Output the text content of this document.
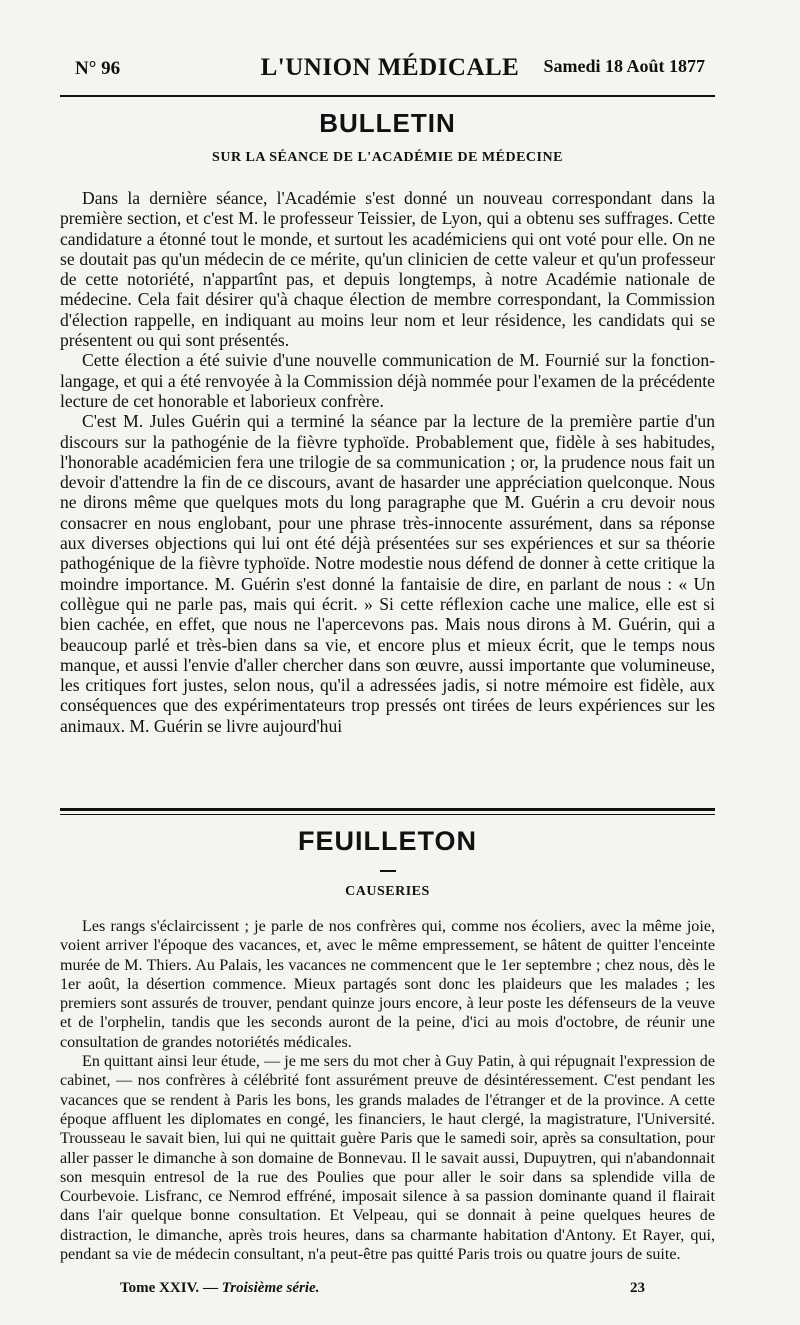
N° 96	L'UNION MÉDICALE	Samedi 18 Août 1877
BULLETIN
SUR LA SÉANCE DE L'ACADÉMIE DE MÉDECINE

Dans la dernière séance, l'Académie s'est donné un nouveau correspondant dans la première section, et c'est M. le professeur Teissier, de Lyon, qui a obtenu ses suffrages. Cette candidature a étonné tout le monde, et surtout les académiciens qui ont voté pour elle. On ne se doutait pas qu'un médecin de ce mérite, qu'un clinicien de cette valeur et qu'un professeur de cette notoriété, n'appartînt pas, et depuis longtemps, à notre Académie nationale de médecine. Cela fait désirer qu'à chaque élection de membre correspondant, la Commission d'élection rappelle, en indiquant au moins leur nom et leur résidence, les candidats qui se présentent ou qui sont présentés.

Cette élection a été suivie d'une nouvelle communication de M. Fournié sur la fonction-langage, et qui a été renvoyée à la Commission déjà nommée pour l'examen de la précédente lecture de cet honorable et laborieux confrère.

C'est M. Jules Guérin qui a terminé la séance par la lecture de la première partie d'un discours sur la pathogénie de la fièvre typhoïde. Probablement que, fidèle à ses habitudes, l'honorable académicien fera une trilogie de sa communication ; or, la prudence nous fait un devoir d'attendre la fin de ce discours, avant de hasarder une appréciation quelconque. Nous ne dirons même que quelques mots du long paragraphe que M. Guérin a cru devoir nous consacrer en nous englobant, pour une phrase très-innocente assurément, dans sa réponse aux diverses objections qui lui ont été déjà présentées sur ses expériences et sur sa théorie pathogénique de la fièvre typhoïde. Notre modestie nous défend de donner à cette critique la moindre importance. M. Guérin s'est donné la fantaisie de dire, en parlant de nous : « Un collègue qui ne parle pas, mais qui écrit. » Si cette réflexion cache une malice, elle est si bien cachée, en effet, que nous ne l'apercevons pas. Mais nous dirons à M. Guérin, qui a beaucoup parlé et très-bien dans sa vie, et encore plus et mieux écrit, que le temps nous manque, et aussi l'envie d'aller chercher dans son œuvre, aussi importante que volumineuse, les critiques fort justes, selon nous, qu'il a adressées jadis, si notre mémoire est fidèle, aux conséquences que des expérimentateurs trop pressés ont tirées de leurs expériences sur les animaux. M. Guérin se livre aujourd'hui

FEUILLETON
CAUSERIES

Les rangs s'éclaircissent ; je parle de nos confrères qui, comme nos écoliers, avec la même joie, voient arriver l'époque des vacances, et, avec le même empressement, se hâtent de quitter l'enceinte murée de M. Thiers. Au Palais, les vacances ne commencent que le 1er septembre ; chez nous, dès le 1er août, la désertion commence. Mieux partagés sont donc les plaideurs que les malades ; les premiers sont assurés de trouver, pendant quinze jours encore, à leur poste les défenseurs de la veuve et de l'orphelin, tandis que les seconds auront de la peine, d'ici au mois d'octobre, de réunir une consultation de grandes notoriétés médicales.

En quittant ainsi leur étude, — je me sers du mot cher à Guy Patin, à qui répugnait l'expression de cabinet, — nos confrères à célébrité font assurément preuve de désintéressement. C'est pendant les vacances que se rendent à Paris les bons, les grands malades de l'étranger et de la province. A cette époque affluent les diplomates en congé, les financiers, le haut clergé, la magistrature, l'Université. Trousseau le savait bien, lui qui ne quittait guère Paris que le samedi soir, après sa consultation, pour aller passer le dimanche à son domaine de Bonnevau. Il le savait aussi, Dupuytren, qui n'abandonnait son mesquin entresol de la rue des Poulies que pour aller le soir dans sa splendide villa de Courbevoie. Lisfranc, ce Nemrod effréné, imposait silence à sa passion dominante quand il flairait dans l'air quelque bonne consultation. Et Velpeau, qui se donnait à peine quelques heures de distraction, le dimanche, après trois heures, dans sa charmante habitation d'Antony. Et Rayer, qui, pendant sa vie de médecin consultant, n'a peut-être pas quitté Paris trois ou quatre jours de suite.

Tome XXIV. — Troisième série.	23
